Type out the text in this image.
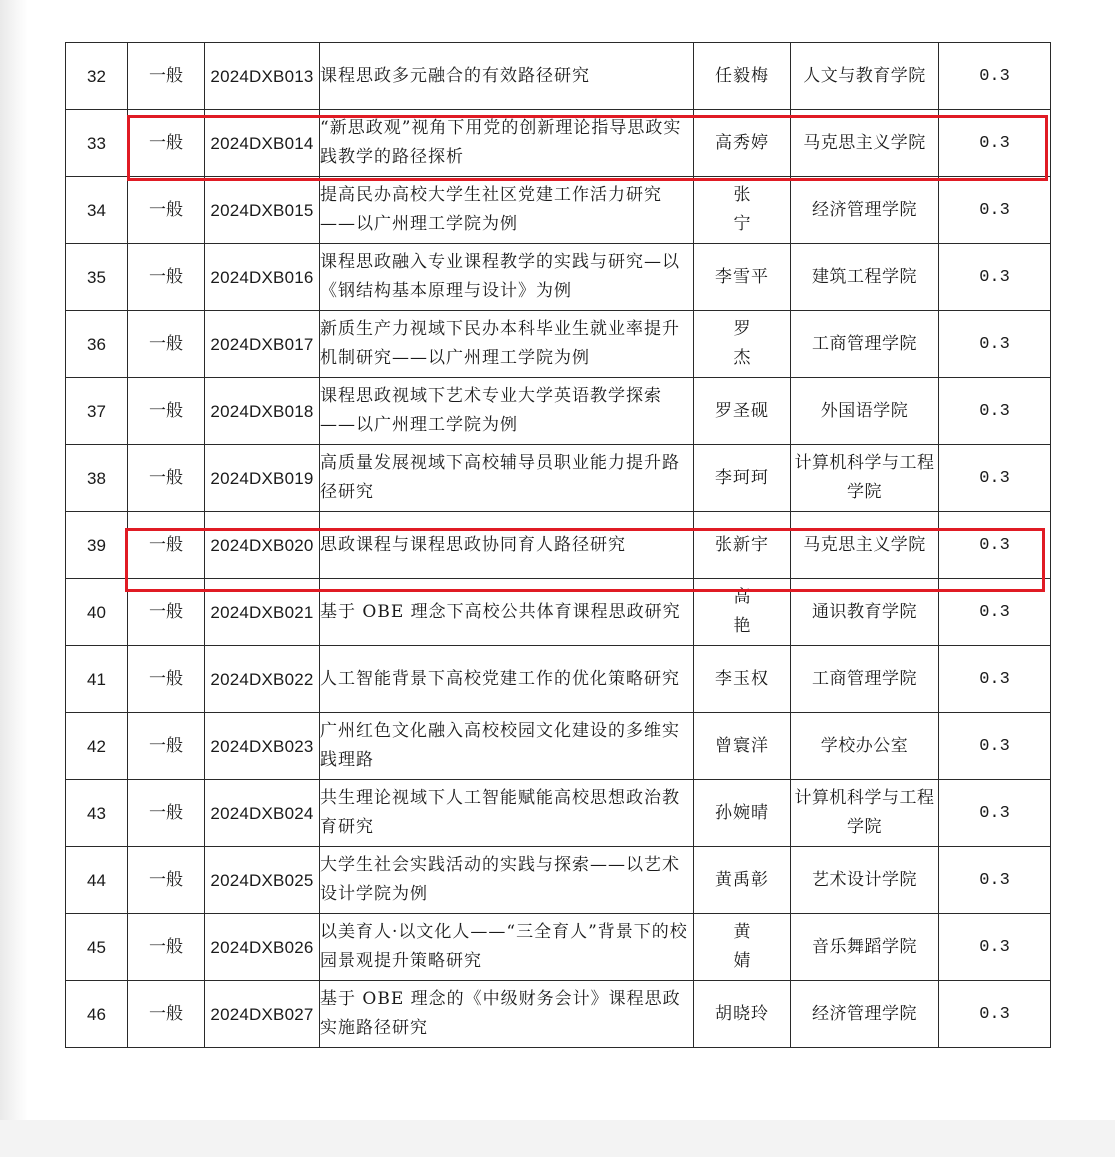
32	一般	2024DXB013	课程思政多元融合的有效路径研究	任毅梅	人文与教育学院	0.3
33	一般	2024DXB014	“新思政观”视角下用党的创新理论指导思政实践教学的路径探析	高秀婷	马克思主义学院	0.3
34	一般	2024DXB015	提高民办高校大学生社区党建工作活力研究——以广州理工学院为例	张 宁	经济管理学院	0.3
35	一般	2024DXB016	课程思政融入专业课程教学的实践与研究—以《钢结构基本原理与设计》为例	李雪平	建筑工程学院	0.3
36	一般	2024DXB017	新质生产力视域下民办本科毕业生就业率提升机制研究——以广州理工学院为例	罗 杰	工商管理学院	0.3
37	一般	2024DXB018	课程思政视域下艺术专业大学英语教学探索——以广州理工学院为例	罗圣砚	外国语学院	0.3
38	一般	2024DXB019	高质量发展视域下高校辅导员职业能力提升路径研究	李珂珂	计算机科学与工程学院	0.3
39	一般	2024DXB020	思政课程与课程思政协同育人路径研究	张新宇	马克思主义学院	0.3
40	一般	2024DXB021	基于 OBE 理念下高校公共体育课程思政研究	高 艳	通识教育学院	0.3
41	一般	2024DXB022	人工智能背景下高校党建工作的优化策略研究	李玉权	工商管理学院	0.3
42	一般	2024DXB023	广州红色文化融入高校校园文化建设的多维实践理路	曾寰洋	学校办公室	0.3
43	一般	2024DXB024	共生理论视域下人工智能赋能高校思想政治教育研究	孙婉晴	计算机科学与工程学院	0.3
44	一般	2024DXB025	大学生社会实践活动的实践与探索——以艺术设计学院为例	黄禹彰	艺术设计学院	0.3
45	一般	2024DXB026	以美育人·以文化人——“三全育人”背景下的校园景观提升策略研究	黄 婧	音乐舞蹈学院	0.3
46	一般	2024DXB027	基于 OBE 理念的《中级财务会计》课程思政实施路径研究	胡晓玲	经济管理学院	0.3
